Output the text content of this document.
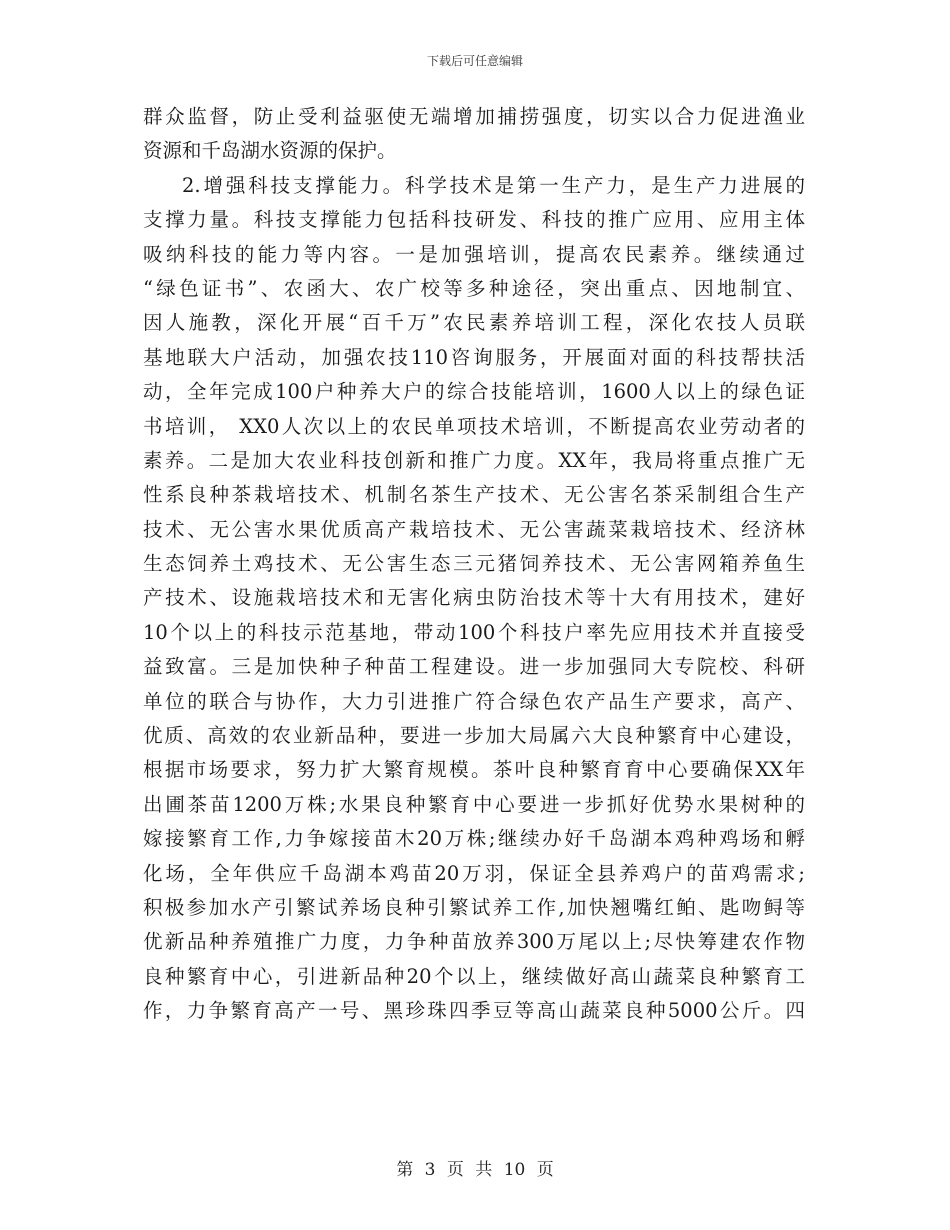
下载后可任意编辑
群众监督，防止受利益驱使无端增加捕捞强度，切实以合力促进渔业
资源和千岛湖水资源的保护。
2.增强科技支撑能力。科学技术是第一生产力，是生产力进展的
支撑力量。科技支撑能力包括科技研发、科技的推广应用、应用主体
吸纳科技的能力等内容。一是加强培训，提高农民素养。继续通过
“绿色证书”、农函大、农广校等多种途径，突出重点、因地制宜、
因人施教，深化开展“百千万”农民素养培训工程，深化农技人员联
基地联大户活动，加强农技110咨询服务，开展面对面的科技帮扶活
动，全年完成100户种养大户的综合技能培训，1600人以上的绿色证
书培训， XX0人次以上的农民单项技术培训，不断提高农业劳动者的
素养。二是加大农业科技创新和推广力度。XX年，我局将重点推广无
性系良种茶栽培技术、机制名茶生产技术、无公害名茶采制组合生产
技术、无公害水果优质高产栽培技术、无公害蔬菜栽培技术、经济林
生态饲养土鸡技术、无公害生态三元猪饲养技术、无公害网箱养鱼生
产技术、设施栽培技术和无害化病虫防治技术等十大有用技术，建好
10个以上的科技示范基地，带动100个科技户率先应用技术并直接受
益致富。三是加快种子种苗工程建设。进一步加强同大专院校、科研
单位的联合与协作，大力引进推广符合绿色农产品生产要求，高产、
优质、高效的农业新品种，要进一步加大局属六大良种繁育中心建设，
根据市场要求，努力扩大繁育规模。茶叶良种繁育育中心要确保XX年
出圃茶苗1200万株;水果良种繁育中心要进一步抓好优势水果树种的
嫁接繁育工作,力争嫁接苗木20万株;继续办好千岛湖本鸡种鸡场和孵
化场，全年供应千岛湖本鸡苗20万羽，保证全县养鸡户的苗鸡需求;
积极参加水产引繁试养场良种引繁试养工作,加快翘嘴红鲌、匙吻鲟等
优新品种养殖推广力度，力争种苗放养300万尾以上;尽快筹建农作物
良种繁育中心，引进新品种20个以上，继续做好高山蔬菜良种繁育工
作，力争繁育高产一号、黑珍珠四季豆等高山蔬菜良种5000公斤。四
第 3 页 共 10 页
